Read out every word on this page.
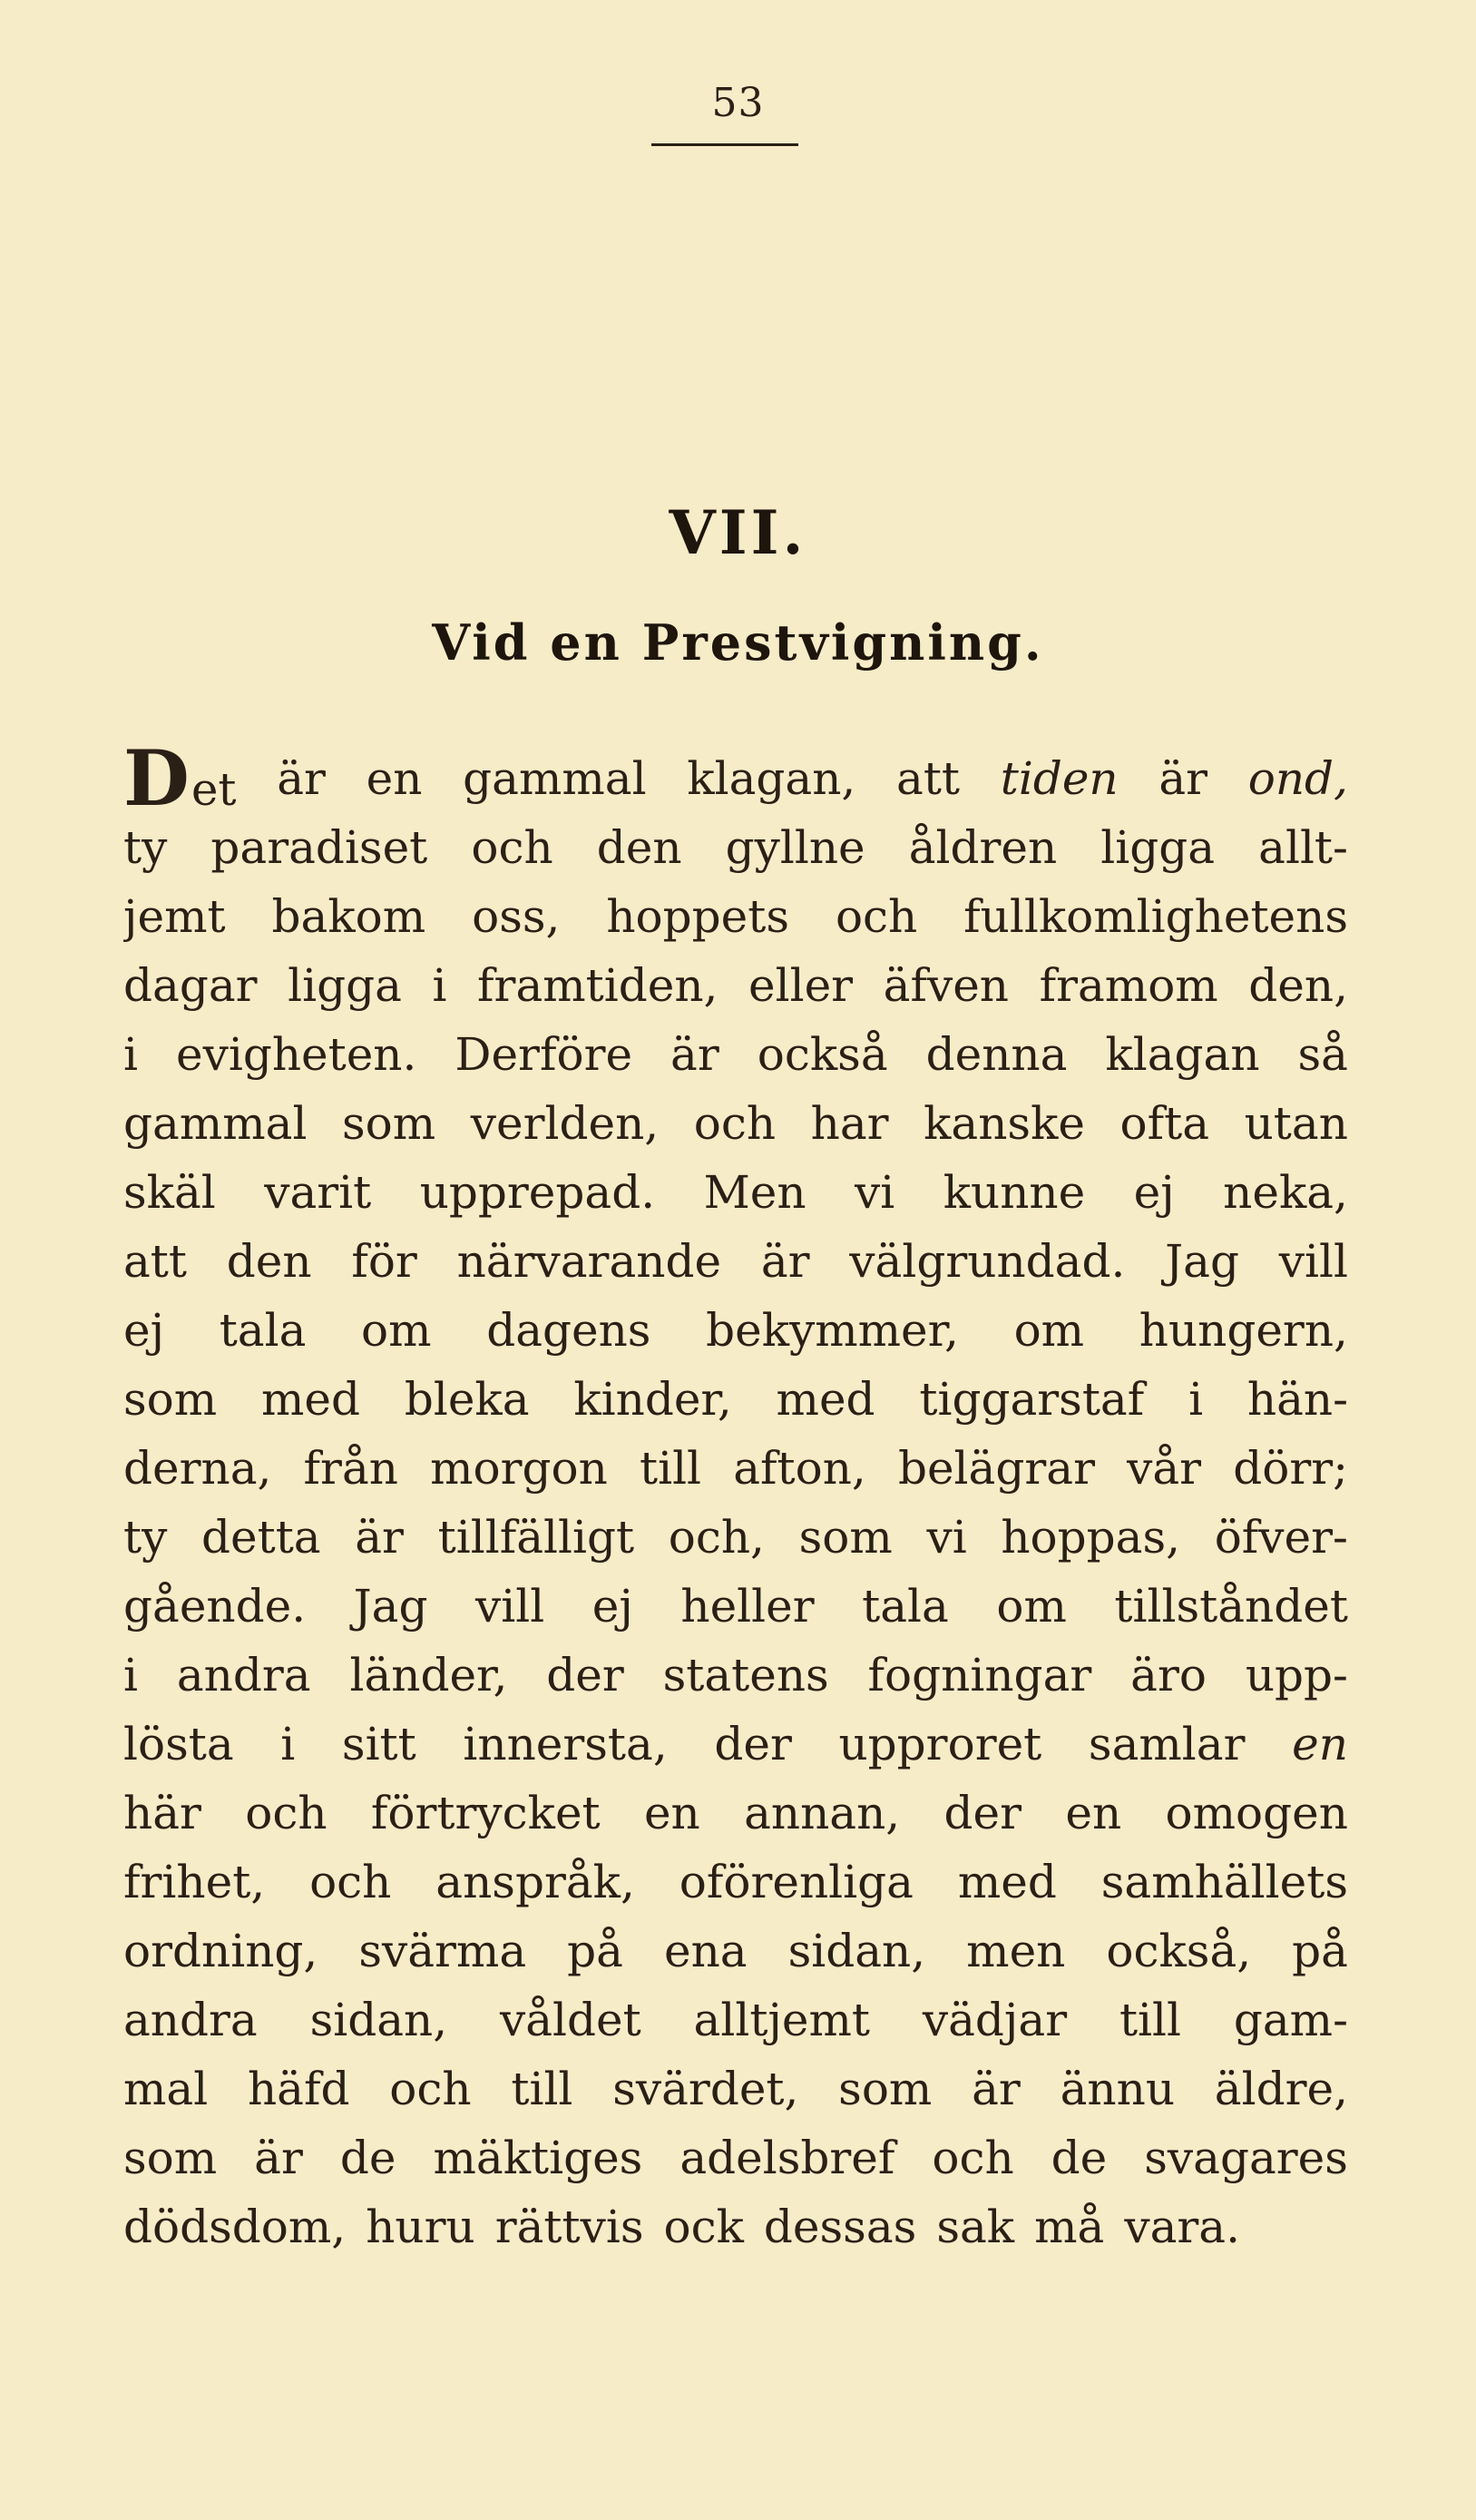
53
VII.
Vid en Prestvigning.
Det är en gammal klagan, att tiden är ond,
ty paradiset och den gyllne åldren ligga allt-
jemt bakom oss, hoppets och fullkomlighetens
dagar ligga i framtiden, eller äfven framom den,
i evigheten. Derföre är också denna klagan så
gammal som verlden, och har kanske ofta utan
skäl varit upprepad. Men vi kunne ej neka,
att den för närvarande är välgrundad. Jag vill
ej tala om dagens bekymmer, om hungern,
som med bleka kinder, med tiggarstaf i hän-
derna, från morgon till afton, belägrar vår dörr;
ty detta är tillfälligt och, som vi hoppas, öfver-
gående. Jag vill ej heller tala om tillståndet
i andra länder, der statens fogningar äro upp-
lösta i sitt innersta, der upproret samlar en
här och förtrycket en annan, der en omogen
frihet, och anspråk, oförenliga med samhällets
ordning, svärma på ena sidan, men också, på
andra sidan, våldet alltjemt vädjar till gam-
mal häfd och till svärdet, som är ännu äldre,
som är de mäktiges adelsbref och de svagares
dödsdom, huru rättvis ock dessas sak må vara.
